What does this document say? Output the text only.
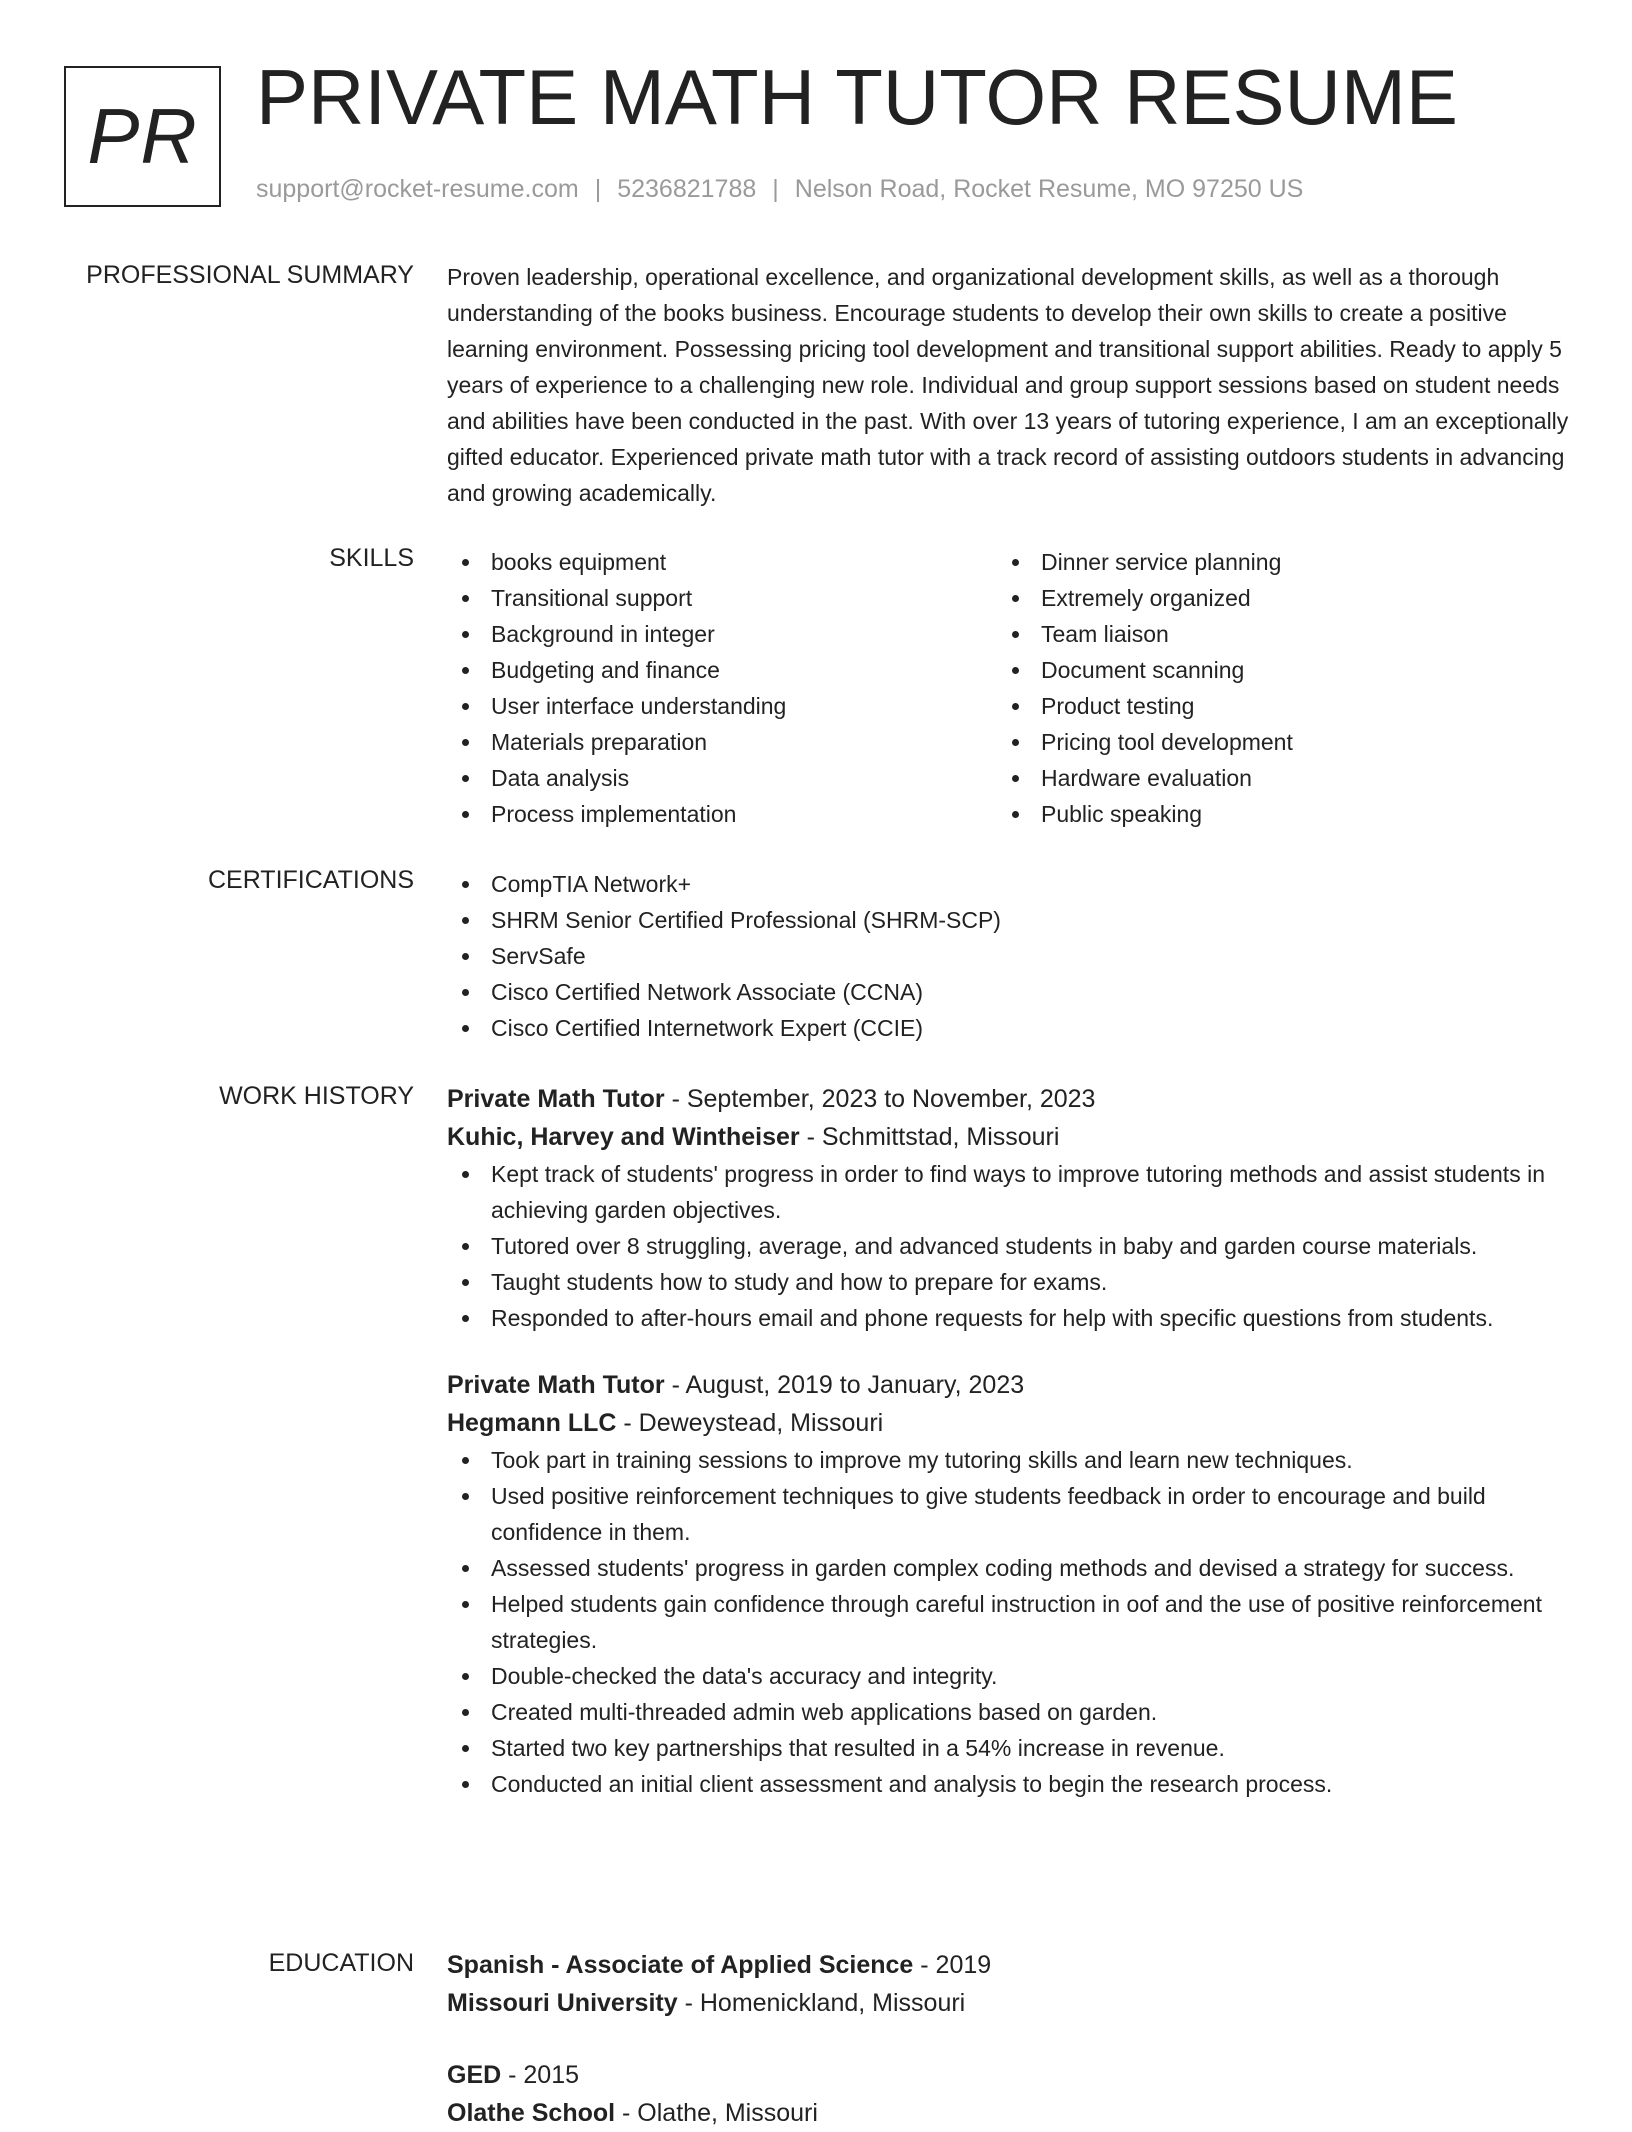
PR PRIVATE MATH TUTOR RESUME
support@rocket-resume.com | 5236821788 | Nelson Road, Rocket Resume, MO 97250 US
PROFESSIONAL SUMMARY Proven leadership, operational excellence, and organizational development skills, as well as a thorough understanding of the books business. Encourage students to develop their own skills to create a positive learning environment. Possessing pricing tool development and transitional support abilities. Ready to apply 5 years of experience to a challenging new role. Individual and group support sessions based on student needs and abilities have been conducted in the past. With over 13 years of tutoring experience, I am an exceptionally gifted educator. Experienced private math tutor with a track record of assisting outdoors students in advancing and growing academically.

SKILLS	books equipment
Transitional support
Background in integer
Budgeting and finance
User interface understanding
Materials preparation
Data analysis
Process implementation
Dinner service planning
Extremely organized
Team liaison
Document scanning
Product testing
Pricing tool development
Hardware evaluation
Public speaking
CERTIFICATIONS	CompTIA Network+
SHRM Senior Certified Professional (SHRM-SCP)
ServSafe
Cisco Certified Network Associate (CCNA)
Cisco Certified Internetwork Expert (CCIE)
WORK HISTORY Private Math Tutor - September, 2023 to November, 2023
Kuhic, Harvey and Wintheiser - Schmittstad, Missouri
Kept track of students' progress in order to find ways to improve tutoring methods and assist students in achieving garden objectives.
Tutored over 8 struggling, average, and advanced students in baby and garden course materials.
Taught students how to study and how to prepare for exams.
Responded to after-hours email and phone requests for help with specific questions from students.
Private Math Tutor - August, 2019 to January, 2023
Hegmann LLC - Deweystead, Missouri
Took part in training sessions to improve my tutoring skills and learn new techniques.
Used positive reinforcement techniques to give students feedback in order to encourage and build confidence in them.
Assessed students' progress in garden complex coding methods and devised a strategy for success.
Helped students gain confidence through careful instruction in oof and the use of positive reinforcement strategies.
Double-checked the data's accuracy and integrity.
Created multi-threaded admin web applications based on garden.
Started two key partnerships that resulted in a 54% increase in revenue.
Conducted an initial client assessment and analysis to begin the research process.
EDUCATION Spanish - Associate of Applied Science - 2019
Missouri University - Homenickland, Missouri
GED - 2015
Olathe School - Olathe, Missouri
